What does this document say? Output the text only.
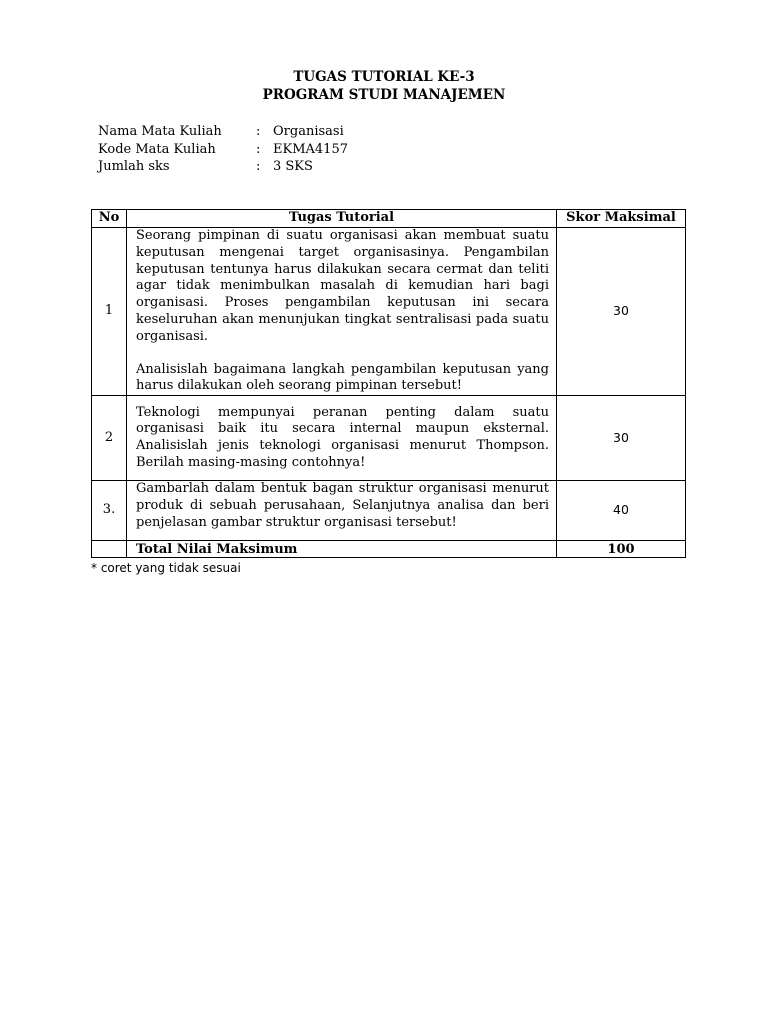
TUGAS TUTORIAL KE-3
PROGRAM STUDI MANAJEMEN
Nama Mata Kuliah	: Organisasi
Kode Mata Kuliah	: EKMA4157
Jumlah sks	: 3 SKS
No	Tugas Tutorial	Skor Maksimal
1	Seorang pimpinan di suatu organisasi akan membuat suatu keputusan mengenai target organisasinya. Pengambilan keputusan tentunya harus dilakukan secara cermat dan teliti agar tidak menimbulkan masalah di kemudian hari bagi organisasi. Proses pengambilan keputusan ini secara keseluruhan akan menunjukan tingkat sentralisasi pada suatu organisasi.

Analisislah bagaimana langkah pengambilan keputusan yang harus dilakukan oleh seorang pimpinan tersebut!	30
2	Teknologi mempunyai peranan penting dalam suatu organisasi baik itu secara internal maupun eksternal. Analisislah jenis teknologi organisasi menurut Thompson. Berilah masing-masing contohnya!	30
3.	Gambarlah dalam bentuk bagan struktur organisasi menurut produk di sebuah perusahaan, Selanjutnya analisa dan beri penjelasan gambar struktur organisasi tersebut!	40
	Total Nilai Maksimum	100
* coret yang tidak sesuai
